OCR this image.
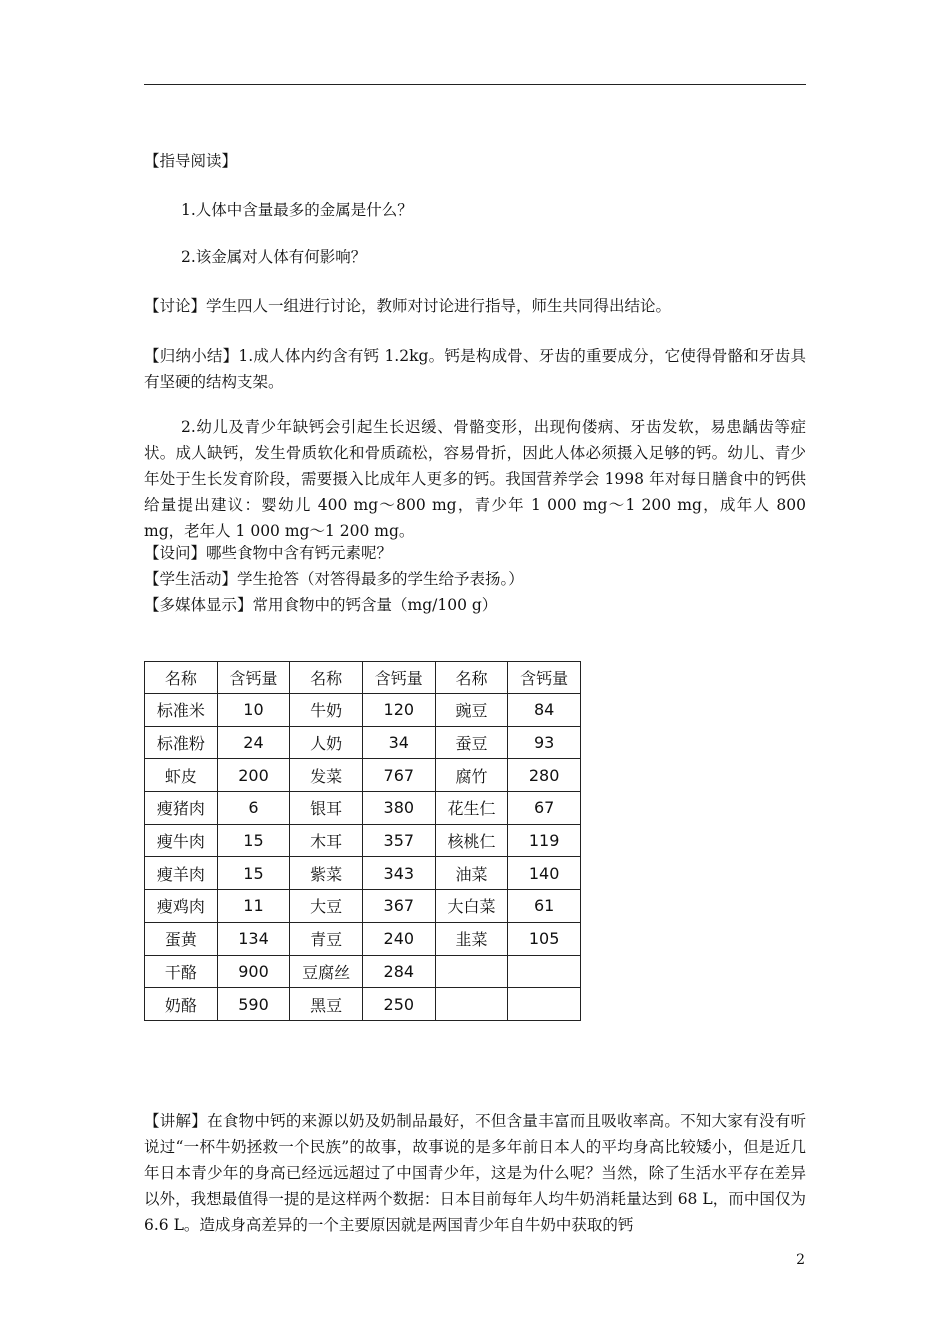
【指导阅读】
1.人体中含量最多的金属是什么？
2.该金属对人体有何影响？
【讨论】学生四人一组进行讨论，教师对讨论进行指导，师生共同得出结论。
【归纳小结】1.成人体内约含有钙 1.2kg。钙是构成骨、牙齿的重要成分，它使得骨骼和牙齿具有坚硬的结构支架。
2.幼儿及青少年缺钙会引起生长迟缓、骨骼变形，出现佝偻病、牙齿发软，易患龋齿等症状。成人缺钙，发生骨质软化和骨质疏松，容易骨折，因此人体必须摄入足够的钙。幼儿、青少年处于生长发育阶段，需要摄入比成年人更多的钙。我国营养学会 1998 年对每日膳食中的钙供给量提出建议：婴幼儿 400 mg～800 mg，青少年 1 000 mg～1 200 mg，成年人 800 mg，老年人 1 000 mg～1 200 mg。
【设问】哪些食物中含有钙元素呢？
【学生活动】学生抢答（对答得最多的学生给予表扬。）
【多媒体显示】常用食物中的钙含量（mg/100 g）
名称	含钙量	名称	含钙量	名称	含钙量
标准米	10	牛奶	120	豌豆	84
标准粉	24	人奶	34	蚕豆	93
虾皮	200	发菜	767	腐竹	280
瘦猪肉	6	银耳	380	花生仁	67
瘦牛肉	15	木耳	357	核桃仁	119
瘦羊肉	15	紫菜	343	油菜	140
瘦鸡肉	11	大豆	367	大白菜	61
蛋黄	134	青豆	240	韭菜	105
干酪	900	豆腐丝	284		
奶酪	590	黑豆	250		
【讲解】在食物中钙的来源以奶及奶制品最好，不但含量丰富而且吸收率高。不知大家有没有听说过“一杯牛奶拯救一个民族”的故事，故事说的是多年前日本人的平均身高比较矮小，但是近几年日本青少年的身高已经远远超过了中国青少年，这是为什么呢？当然，除了生活水平存在差异以外，我想最值得一提的是这样两个数据：日本目前每年人均牛奶消耗量达到 68 L，而中国仅为 6.6 L。造成身高差异的一个主要原因就是两国青少年自牛奶中获取的钙
2
